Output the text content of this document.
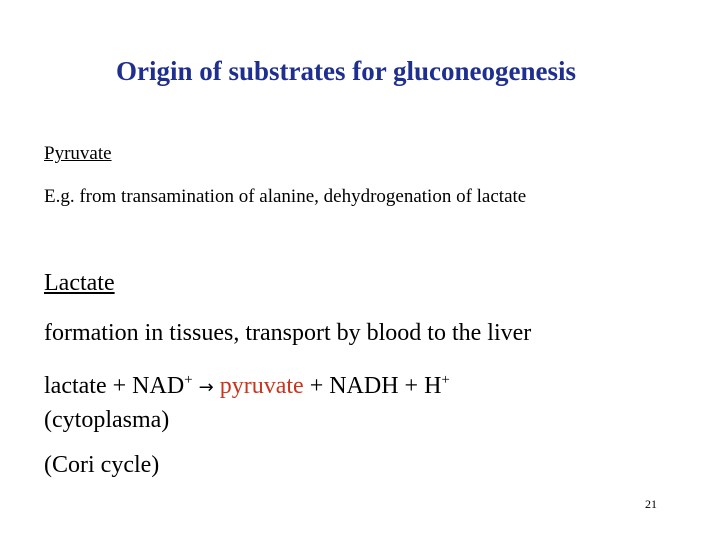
Origin of substrates for gluconeogenesis
Pyruvate
E.g. from transamination of alanine, dehydrogenation of lactate
Lactate
formation in tissues, transport by blood to the liver
lactate + NAD+ → pyruvate + NADH + H+
(cytoplasma)
(Cori cycle)
21
